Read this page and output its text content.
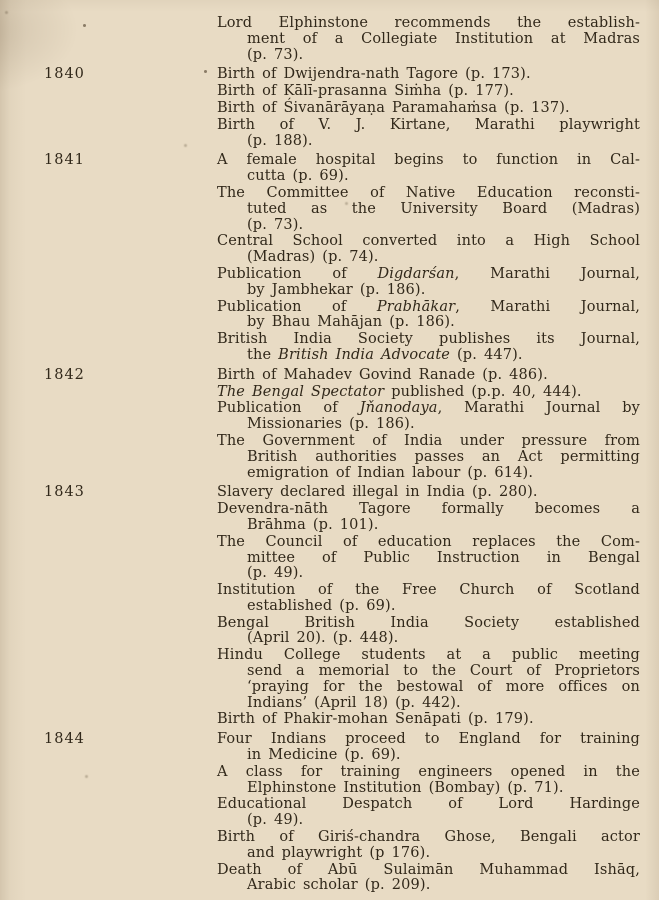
Lord Elphinstone recommends the establish-
ment of a Collegiate Institution at Madras
(p. 73).

1840	Birth of Dwijendra-nath Tagore (p. 173).

Birth of Kālī-prasanna Siṁha (p. 177).

Birth of Śivanārāyaṇa Paramahaṁsa (p. 137).

Birth of V. J. Kirtane, Marathi playwright
(p. 188).

1841	A female hospital begins to function in Cal-
cutta (p. 69).

The Committee of Native Education reconsti-
tuted as the University Board (Madras)
(p. 73).

Central School converted into a High School
(Madras) (p. 74).

Publication of Digdarśan, Marathi Journal,
by Jambhekar (p. 186).

Publication of Prabhākar, Marathi Journal,
by Bhau Mahājan (p. 186).

British India Society publishes its Journal,
the British India Advocate (p. 447).

1842	Birth of Mahadev Govind Ranade (p. 486).

The Bengal Spectator published (p.p. 40, 444).

Publication of Jňanodaya, Marathi Journal by
Missionaries (p. 186).

The Government of India under pressure from
British authorities passes an Act permitting
emigration of Indian labour (p. 614).

1843	Slavery declared illegal in India (p. 280).

Devendra-nāth Tagore formally becomes a
Brāhma (p. 101).

The Council of education replaces the Com-
mittee of Public Instruction in Bengal
(p. 49).

Institution of the Free Church of Scotland
established (p. 69).

Bengal British India Society established
(April 20). (p. 448).

Hindu College students at a public meeting
send a memorial to the Court of Proprietors
‘praying for the bestowal of more offices on
Indians’ (April 18) (p. 442).

Birth of Phakir-mohan Senāpati (p. 179).

1844	Four Indians proceed to England for training
in Medicine (p. 69).

A class for training engineers opened in the
Elphinstone Institution (Bombay) (p. 71).

Educational Despatch of Lord Hardinge
(p. 49).

Birth of Giriś-chandra Ghose, Bengali actor
and playwright (p 176).

Death of Abū Sulaimān Muhammad Ishāq,
Arabic scholar (p. 209).
